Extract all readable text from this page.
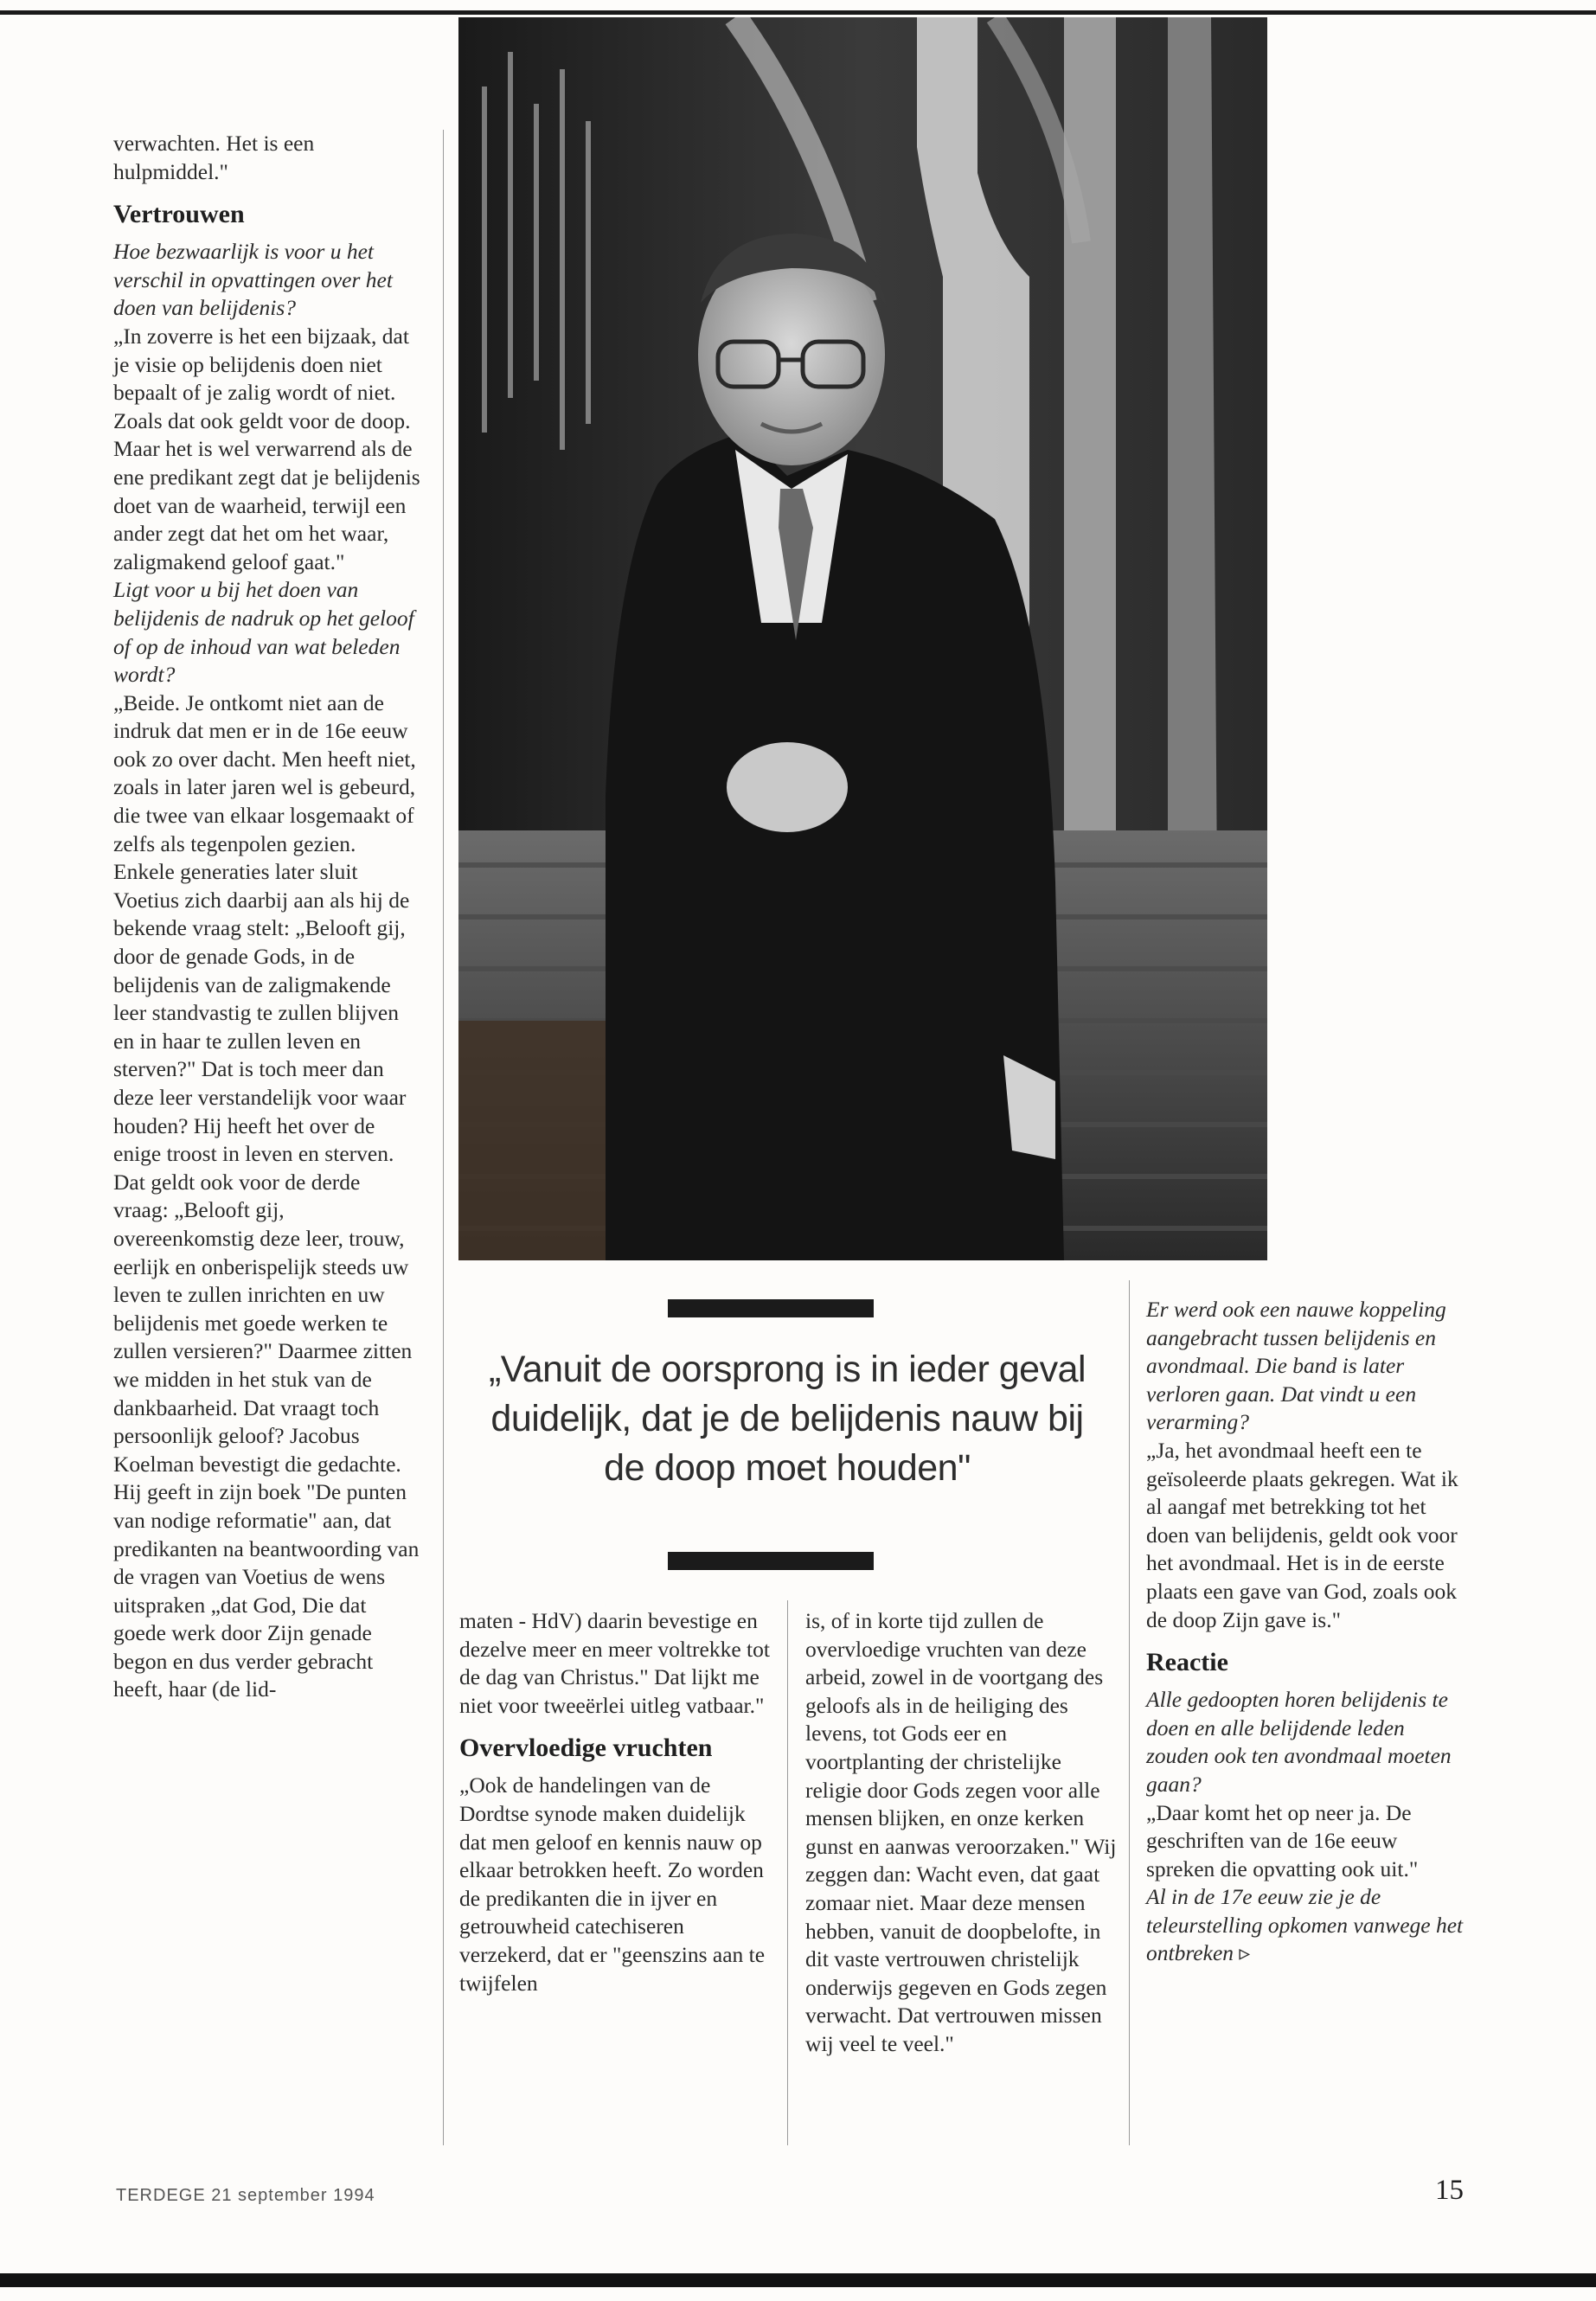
verwachten. Het is een hulpmiddel."

Vertrouwen

Hoe bezwaarlijk is voor u het verschil in opvattingen over het doen van belijdenis?

„In zoverre is het een bijzaak, dat je visie op belijdenis doen niet bepaalt of je zalig wordt of niet. Zoals dat ook geldt voor de doop. Maar het is wel verwarrend als de ene predikant zegt dat je belijdenis doet van de waarheid, terwijl een ander zegt dat het om het waar, zaligmakend geloof gaat."

Ligt voor u bij het doen van belijdenis de nadruk op het geloof of op de inhoud van wat beleden wordt?

„Beide. Je ontkomt niet aan de indruk dat men er in de 16e eeuw ook zo over dacht. Men heeft niet, zoals in later jaren wel is gebeurd, die twee van elkaar losgemaakt of zelfs als tegenpolen gezien. Enkele generaties later sluit Voetius zich daarbij aan als hij de bekende vraag stelt: „Belooft gij, door de genade Gods, in de belijdenis van de zaligmakende leer standvastig te zullen blijven en in haar te zullen leven en sterven?" Dat is toch meer dan deze leer verstandelijk voor waar houden? Hij heeft het over de enige troost in leven en sterven.

Dat geldt ook voor de derde vraag: „Belooft gij, overeenkomstig deze leer, trouw, eerlijk en onberispelijk steeds uw leven te zullen inrichten en uw belijdenis met goede werken te zullen versieren?" Daarmee zitten we midden in het stuk van de dankbaarheid. Dat vraagt toch persoonlijk geloof? Jacobus Koelman bevestigt die gedachte. Hij geeft in zijn boek "De punten van nodige reformatie" aan, dat predikanten na beantwoording van de vragen van Voetius de wens uitspraken „dat God, Die dat goede werk door Zijn genade begon en dus verder gebracht heeft, haar (de lid-

„Vanuit de oorsprong is in ieder geval duidelijk, dat je de belijdenis nauw bij de doop moet houden"

maten - HdV) daarin bevestige en dezelve meer en meer voltrekke tot de dag van Christus." Dat lijkt me niet voor tweeërlei uitleg vatbaar."

Overvloedige vruchten

„Ook de handelingen van de Dordtse synode maken duidelijk dat men geloof en kennis nauw op elkaar betrokken heeft. Zo worden de predikanten die in ijver en getrouwheid catechiseren verzekerd, dat er "geenszins aan te twijfelen

is, of in korte tijd zullen de overvloedige vruchten van deze arbeid, zowel in de voortgang des geloofs als in de heiliging des levens, tot Gods eer en voortplanting der christelijke religie door Gods zegen voor alle mensen blijken, en onze kerken gunst en aanwas veroorzaken." Wij zeggen dan: Wacht even, dat gaat zomaar niet. Maar deze mensen hebben, vanuit de doopbelofte, in dit vaste vertrouwen christelijk onderwijs gegeven en Gods zegen verwacht. Dat vertrouwen missen wij veel te veel."

Er werd ook een nauwe koppeling aangebracht tussen belijdenis en avondmaal. Die band is later verloren gaan. Dat vindt u een verarming?

„Ja, het avondmaal heeft een te geïsoleerde plaats gekregen. Wat ik al aangaf met betrekking tot het doen van belijdenis, geldt ook voor het avondmaal. Het is in de eerste plaats een gave van God, zoals ook de doop Zijn gave is."

Reactie

Alle gedoopten horen belijdenis te doen en alle belijdende leden zouden ook ten avondmaal moeten gaan?

„Daar komt het op neer ja. De geschriften van de 16e eeuw spreken die opvatting ook uit."

Al in de 17e eeuw zie je de teleurstelling opkomen vanwege het ontbreken ▹

TERDEGE 21 september 1994	15
